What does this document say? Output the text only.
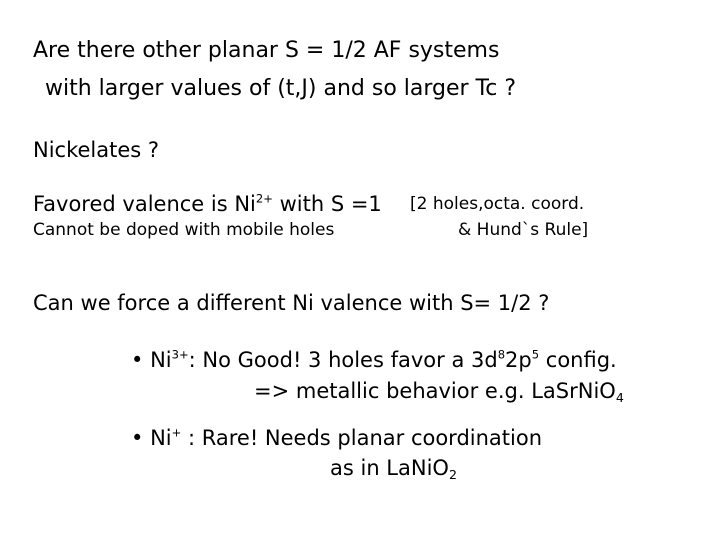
Are there other planar S = 1/2 AF systems
with larger values of (t,J) and so larger Tc ?
Nickelates ?
Favored valence is $Ni^{2+}$ with S =1 [2 holes,octa. coord.
Cannot be doped with mobile holes	& Hund`s Rule]
Can we force a different Ni valence with S= 1/2 ?
• $Ni^{3+}$: No Good! 3 holes favor a $3d^82p^5$ config.
=> metallic behavior e.g. LaSrNiO$_4$
• Ni+ : Rare! Needs planar coordination
as in LaNiO$_2$
